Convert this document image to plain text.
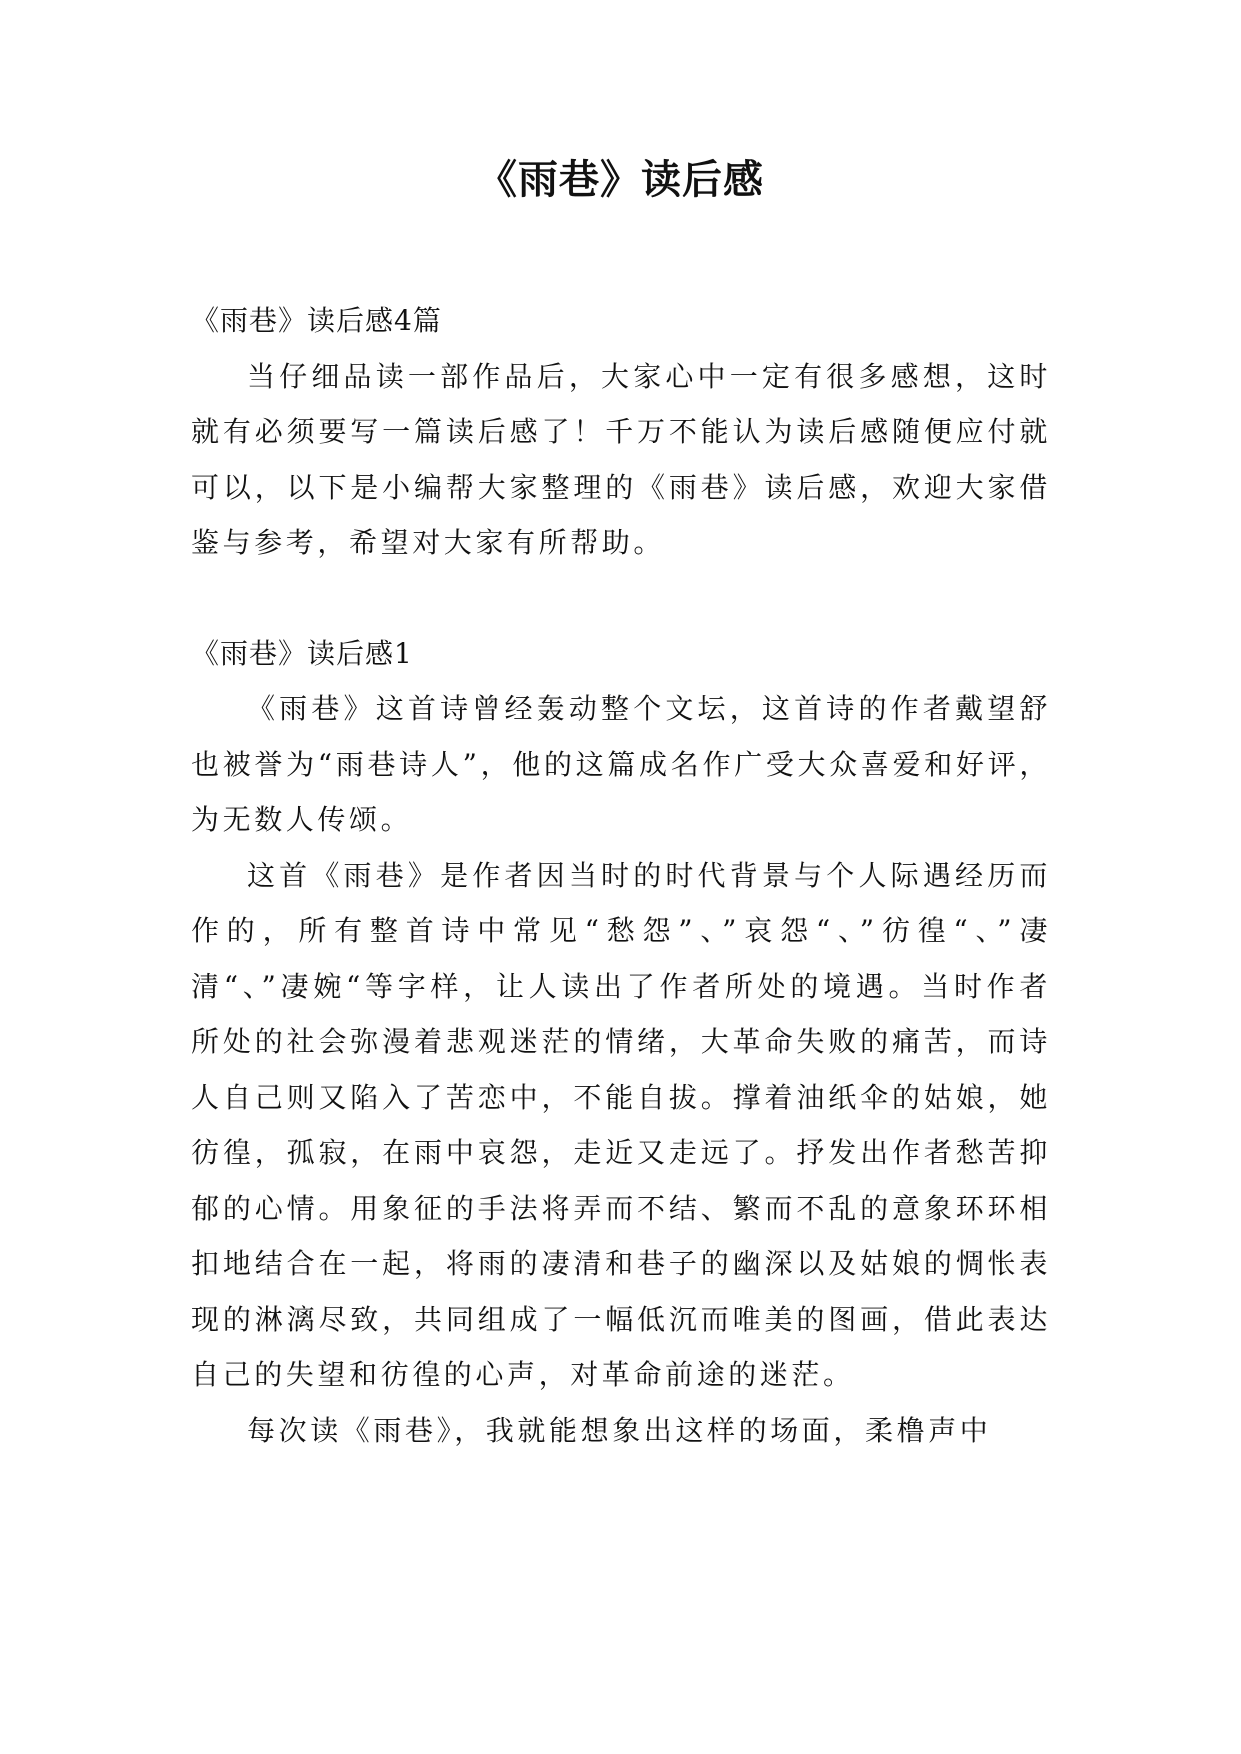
《雨巷》读后感

《雨巷》读后感4篇

当仔细品读一部作品后，大家心中一定有很多感想，这时就有必须要写一篇读后感了！千万不能认为读后感随便应付就可以，以下是小编帮大家整理的《雨巷》读后感，欢迎大家借鉴与参考，希望对大家有所帮助。

《雨巷》读后感1

《雨巷》这首诗曾经轰动整个文坛，这首诗的作者戴望舒也被誉为“雨巷诗人”，他的这篇成名作广受大众喜爱和好评，为无数人传颂。

这首《雨巷》是作者因当时的时代背景与个人际遇经历而作的，所有整首诗中常见“愁怨”、”哀怨“、”彷徨“、”凄清“、”凄婉“等字样，让人读出了作者所处的境遇。当时作者所处的社会弥漫着悲观迷茫的情绪，大革命失败的痛苦，而诗人自己则又陷入了苦恋中，不能自拔。撑着油纸伞的姑娘，她彷徨，孤寂，在雨中哀怨，走近又走远了。抒发出作者愁苦抑郁的心情。用象征的手法将弄而不结、繁而不乱的意象环环相扣地结合在一起，将雨的凄清和巷子的幽深以及姑娘的惆怅表现的淋漓尽致，共同组成了一幅低沉而唯美的图画，借此表达自己的失望和彷徨的心声，对革命前途的迷茫。

每次读《雨巷》，我就能想象出这样的场面，柔橹声中
